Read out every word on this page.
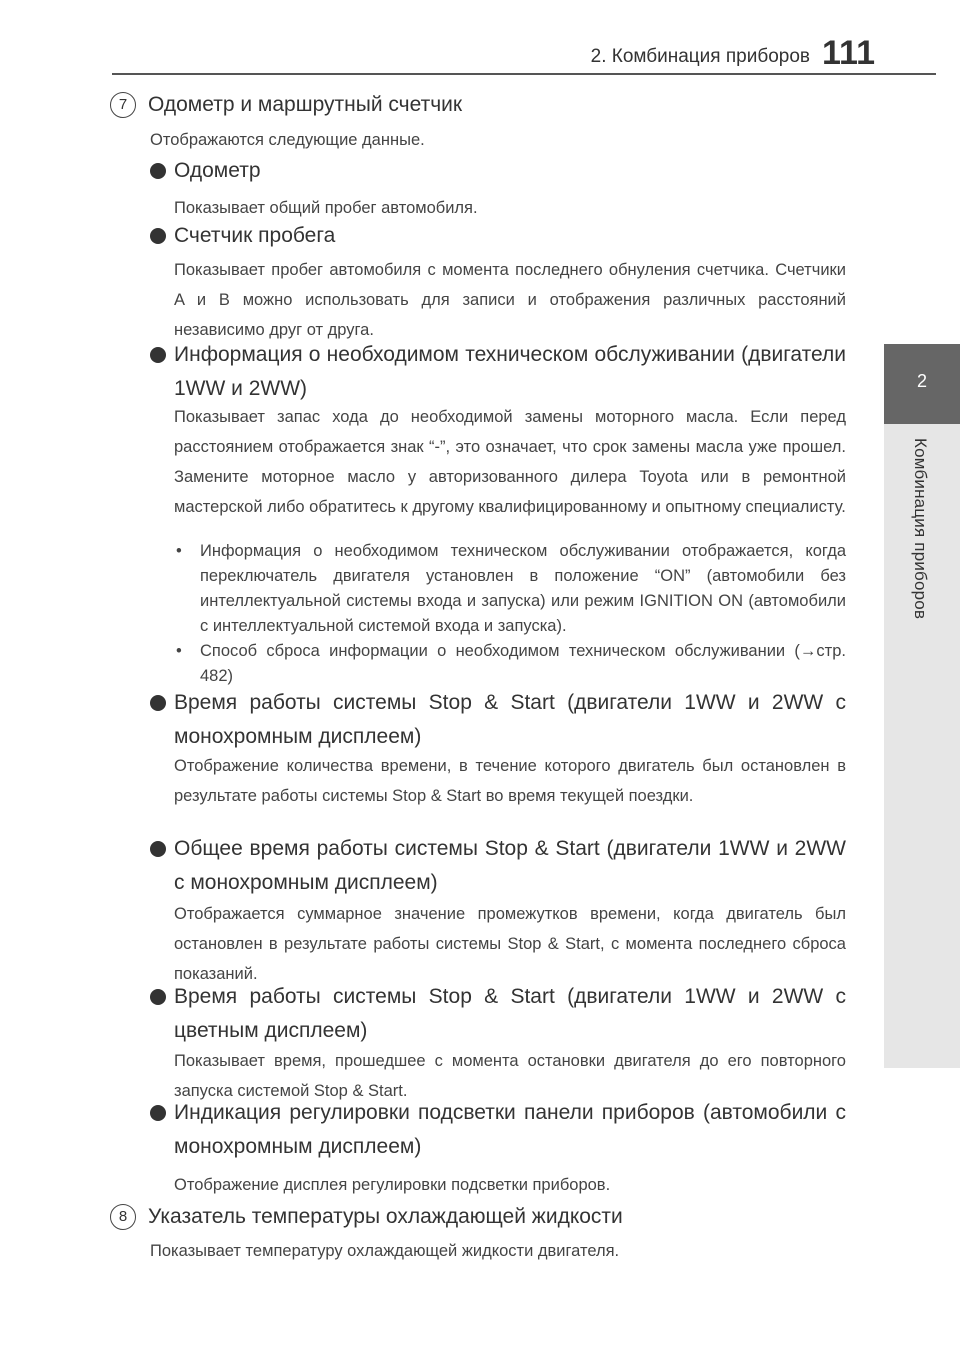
2. Комбинация приборов 111
2
Комбинация приборов
7 Одометр и маршрутный счетчик
Отображаются следующие данные.
Одометр
Показывает общий пробег автомобиля.
Счетчик пробега
Показывает пробег автомобиля с момента последнего обнуления счетчика. Счетчики A и B можно использовать для записи и отображения различных расстояний независимо друг от друга.
Информация о необходимом техническом обслуживании (двигатели 1WW и 2WW)
Показывает запас хода до необходимой замены моторного масла. Если перед расстоянием отображается знак “-”, это означает, что срок замены масла уже прошел. Замените моторное масло у авторизованного дилера Toyota или в ремонтной мастерской либо обратитесь к другому квалифицированному и опытному специалисту.
•	Информация о необходимом техническом обслуживании отображается, когда переключатель двигателя установлен в положение “ON” (автомобили без интеллектуальной системы входа и запуска) или режим IGNITION ON (автомобили с интеллектуальной системой входа и запуска).
•	Способ сброса информации о необходимом техническом обслуживании (→стр. 482)
Время работы системы Stop & Start (двигатели 1WW и 2WW с монохромным дисплеем)
Отображение количества времени, в течение которого двигатель был остановлен в результате работы системы Stop & Start во время текущей поездки.
Общее время работы системы Stop & Start (двигатели 1WW и 2WW с монохромным дисплеем)
Отображается суммарное значение промежутков времени, когда двигатель был остановлен в результате работы системы Stop & Start, с момента последнего сброса показаний.
Время работы системы Stop & Start (двигатели 1WW и 2WW с цветным дисплеем)
Показывает время, прошедшее с момента остановки двигателя до его повторного запуска системой Stop & Start.
Индикация регулировки подсветки панели приборов (автомобили с монохромным дисплеем)
Отображение дисплея регулировки подсветки приборов.
8 Указатель температуры охлаждающей жидкости
Показывает температуру охлаждающей жидкости двигателя.
